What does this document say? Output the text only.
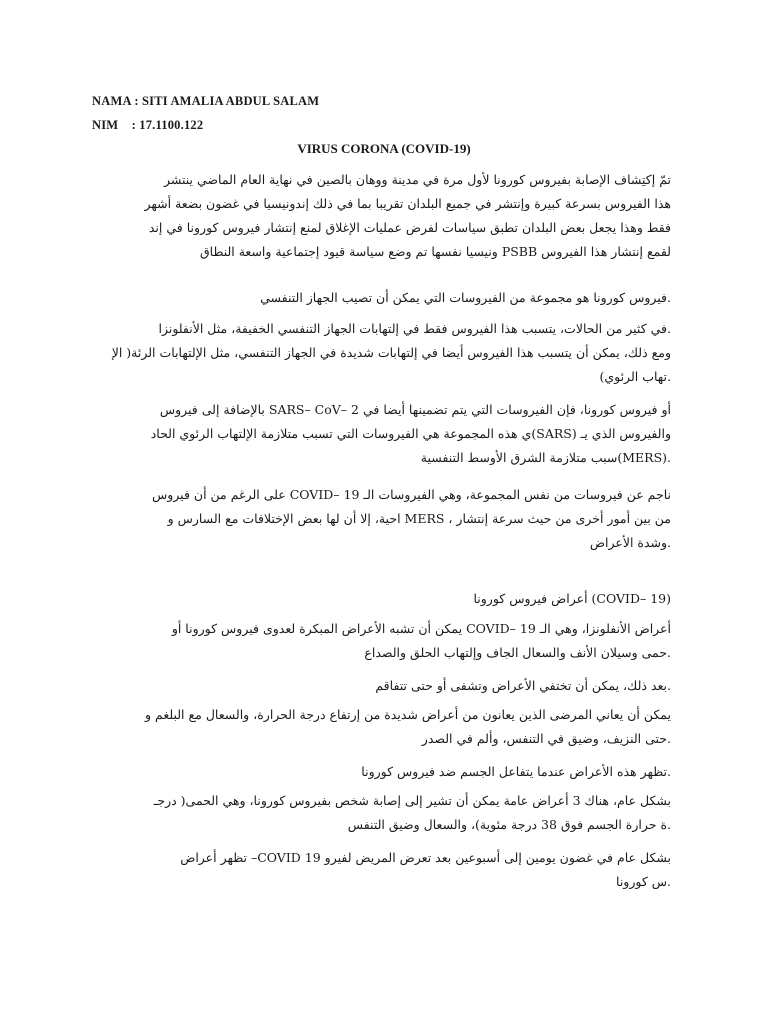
NAMA : SITI AMALIA ABDUL SALAM
NIM    : 17.1100.122
VIRUS CORONA (COVID-19)
تمّ إكتِشاف الإصابة بفيروس كورونا لأول مرة في مدينة ووهان بالصين في نهاية العام الماضي ينتشر
هذا الفيروس بسرعة كبيرة وإنتشر في جميع البلدان تقريبا بما في ذلك إندونيسيا في غضون بضعة أشهر
فقط وهذا يجعل بعض البلدان تطبق سياسات لفرض عمليات الإغلاق لمنع إنتشار فيروس كورونا في إند
لقمع إنتشار هذا الفيروس PSBB ونيسيا نفسها تم وضع سياسة قيود إجتماعية واسعة النطاق
.فيروس كورونا هو مجموعة من الفيروسات التي يمكن أن تصيب الجهاز التنفسي
.في كثير من الحالات، يتسبب هذا الفيروس فقط في إلتهابات الجهاز التنفسي الخفيفة، مثل الأنفلونزا
ومع ذلك، يمكن أن يتسبب هذا الفيروس أيضا في إلتهابات شديدة في الجهاز التنفسي، مثل الإلتهابات الرئة( الإ
.تهاب الرئوي)
أو فيروس كورونا، فإن الفيروسات التي يتم تضمينها أيضا في SARS– CoV– 2 بالإضافة إلى فيروس
والفيروس الذي يـ (SARS)ي هذه المجموعة هي الفيروسات التي تسبب متلازمة الإلتهاب الرئوي الحاد
.(MERS)سبب متلازمة الشرق الأوسط التنفسية
ناجم عن فيروسات من نفس المجموعة، وهي الفيروسات الـ COVID– 19 على الرغم من أن فيروس
من بين أمور أخرى من حيث سرعة إنتشار ، MERS احية، إلا أن لها بعض الإختلافات مع السارس و
.وشدة الأعراض
(COVID– 19) أعراض فيروس كورونا
أعراض الأنفلونزا، وهي الـ COVID– 19 يمكن أن تشبه الأعراض المبكرة لعدوى فيروس كورونا أو
.حمى وسيلان الأنف والسعال الجاف وإلتهاب الحلق والصداع
.بعد ذلك، يمكن أن تختفي الأعراض وتشفى أو حتى تتفاقم
يمكن أن يعاني المرضى الذين يعانون من أعراض شديدة من إرتفاع درجة الحرارة، والسعال مع البلغم و
.حتى النزيف، وضيق في التنفس، وألم في الصدر
.تظهر هذه الأعراض عندما يتفاعل الجسم ضد فيروس كورونا
بشكل عام، هناك 3 أعراض عامة يمكن أن تشير إلى إصابة شخص بفيروس كورونا، وهي الحمى( درجـ
.ة حرارة الجسم فوق 38 درجة مئوية)، والسعال وضيق التنفس
بشكل عام في غضون يومين إلى أسبوعين بعد تعرض المريض لفيرو 19 COVID– تظهر أعراض
.س كورونا
